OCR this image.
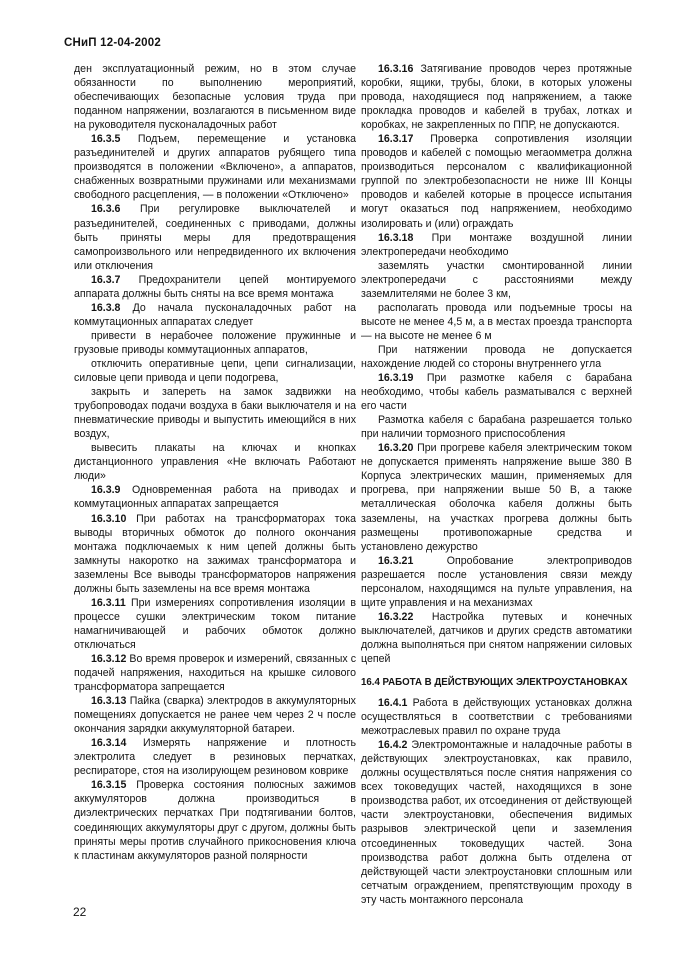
СНиП 12-04-2002

ден эксплуатационный режим, но в этом случае обязанности по выполнению мероприятий, обеспечивающих безопасные условия труда при поданном напряжении, возлагаются в письменном виде на руководителя пусконаладочных работ

16.3.5 Подъем, перемещение и установка разъединителей и других аппаратов рубящего типа производятся в положении «Включено», а аппаратов, снабженных возвратными пружинами или механизмами свободного расцепления, — в положении «Отключено»

16.3.6 При регулировке выключателей и разъединителей, соединенных с приводами, должны быть приняты меры для предотвращения самопроизвольного или непредвиденного их включения или отключения

16.3.7 Предохранители цепей монтируемого аппарата должны быть сняты на все время монтажа

16.3.8 До начала пусконаладочных работ на коммутационных аппаратах следует

привести в нерабочее положение пружинные и грузовые приводы коммутационных аппаратов,

отключить оперативные цепи, цепи сигнализации, силовые цепи привода и цепи подогрева,

закрыть и запереть на замок задвижки на трубопроводах подачи воздуха в баки выключателя и на пневматические приводы и выпустить имеющийся в них воздух,

вывесить плакаты на ключах и кнопках дистанционного управления «Не включать Работают люди»

16.3.9 Одновременная работа на приводах и коммутационных аппаратах запрещается

16.3.10 При работах на трансформаторах тока выводы вторичных обмоток до полного окончания монтажа подключаемых к ним цепей должны быть замкнуты накоротко на зажимах трансформатора и заземлены Все выводы трансформаторов напряжения должны быть заземлены на все время монтажа

16.3.11 При измерениях сопротивления изоляции в процессе сушки электрическим током питание намагничивающей и рабочих обмоток должно отключаться

16.3.12 Во время проверок и измерений, связанных с подачей напряжения, находиться на крышке силового трансформатора запрещается

16.3.13 Пайка (сварка) электродов в аккумуляторных помещениях допускается не ранее чем через 2 ч после окончания зарядки аккумуляторной батареи.

16.3.14 Измерять напряжение и плотность электролита следует в резиновых перчатках, респираторе, стоя на изолирующем резиновом коврике

16.3.15 Проверка состояния полюсных зажимов аккумуляторов должна производиться в диэлектрических перчатках При подтягивании болтов, соединяющих аккумуляторы друг с другом, должны быть приняты меры против случайного прикосновения ключа к пластинам аккумуляторов разной полярности

16.3.16 Затягивание проводов через протяжные коробки, ящики, трубы, блоки, в которых уложены провода, находящиеся под напряжением, а также прокладка проводов и кабелей в трубах, лотках и коробках, не закрепленных по ППР, не допускаются.

16.3.17 Проверка сопротивления изоляции проводов и кабелей с помощью мегаомметра должна производиться персоналом с квалификационной группой по электробезопасности не ниже III Концы проводов и кабелей которые в процессе испытания могут оказаться под напряжением, необходимо изолировать и (или) ограждать

16.3.18 При монтаже воздушной линии электропередачи необходимо

заземлять участки смонтированной линии электропередачи с расстояниями между заземлителями не более 3 км,

располагать провода или подъемные тросы на высоте не менее 4,5 м, а в местах проезда транспорта — на высоте не менее 6 м

При натяжении провода не допускается нахождение людей со стороны внутреннего угла

16.3.19 При размотке кабеля с барабана необходимо, чтобы кабель разматывался с верхней его части

Размотка кабеля с барабана разрешается только при наличии тормозного приспособления

16.3.20 При прогреве кабеля электрическим током не допускается применять напряжение выше 380 В Корпуса электрических машин, применяемых для прогрева, при напряжении выше 50 В, а также металлическая оболочка кабеля должны быть заземлены, на участках прогрева должны быть размещены противопожарные средства и установлено дежурство

16.3.21	Опробование электроприводов разрешается после установления связи между персоналом, находящимся на пульте управления, на щите управления и на механизмах

16.3.22 Настройка путевых и конечных выключателей, датчиков и других средств автоматики должна выполняться при снятом напряжении силовых цепей

16.4 РАБОТА В ДЕЙСТВУЮЩИХ ЭЛЕКТРОУСТАНОВКАХ

16.4.1 Работа в действующих установках должна осуществляться в соответствии с требованиями межотраслевых правил по охране труда

16.4.2 Электромонтажные и наладочные работы в действующих электроустановках, как правило, должны осуществляться после снятия напряжения со всех токоведущих частей, находящихся в зоне производства работ, их отсоединения от действующей части электроустановки, обеспечения видимых разрывов электрической цепи и заземления отсоединенных токоведущих частей. Зона производства работ должна быть отделена от действующей части электроустановки сплошным или сетчатым ограждением, препятствующим проходу в эту часть монтажного персонала

22
